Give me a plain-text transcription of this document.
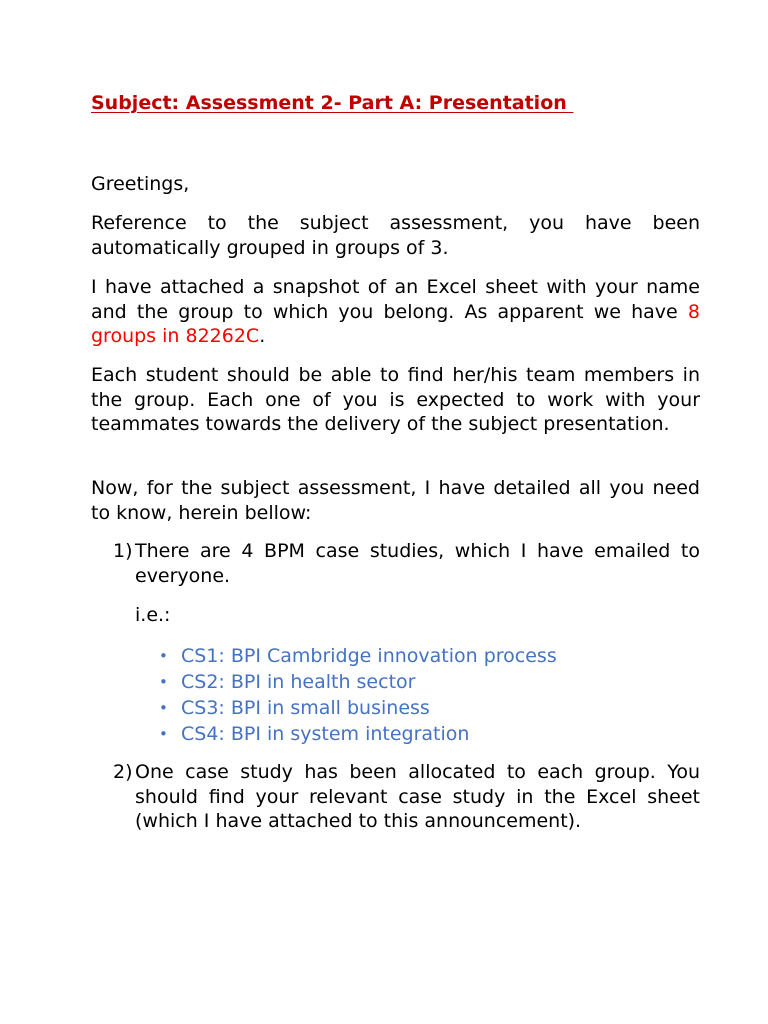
Subject: Assessment 2- Part A: Presentation

Greetings,

Reference to the subject assessment, you have been automatically grouped in groups of 3.

I have attached a snapshot of an Excel sheet with your name and the group to which you belong. As apparent we have 8 groups in 82262C.

Each student should be able to find her/his team members in the group. Each one of you is expected to work with your teammates towards the delivery of the subject presentation.

Now, for the subject assessment, I have detailed all you need to know, herein bellow:

1) There are 4 BPM case studies, which I have emailed to everyone.

i.e.:

• CS1: BPI Cambridge innovation process
• CS2: BPI in health sector
• CS3: BPI in small business
• CS4: BPI in system integration
2) One case study has been allocated to each group. You should find your relevant case study in the Excel sheet (which I have attached to this announcement).
